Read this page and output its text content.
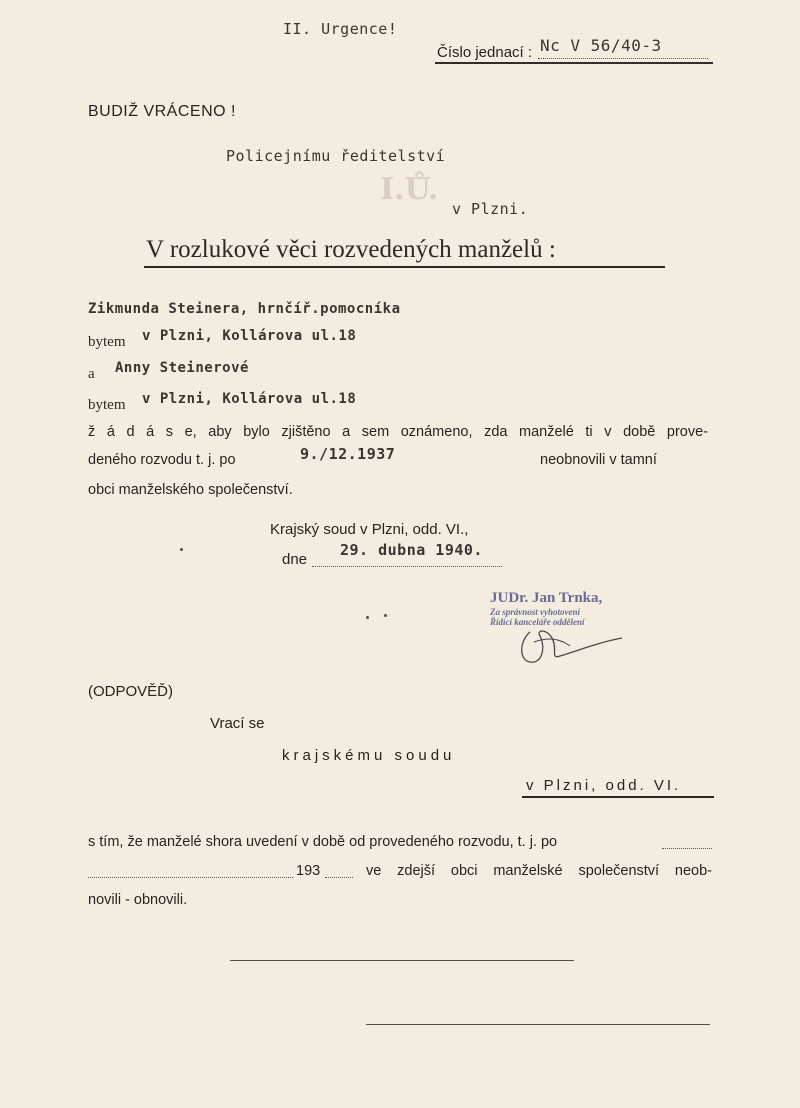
II. Urgence!
Číslo jednací : Nc V 56/40-3
BUDIŽ VRÁCENO !
Policejnímu ředitelství
I.Ů.
v Plzni.
V rozlukové věci rozvedených manželů :
Zikmunda Steinera, hrnčíř.pomocníka
bytem v Plzni, Kollárova ul.18
a Anny Steinerové
bytem v Plzni, Kollárova ul.18
ž á d á s e, aby bylo zjištěno a sem oznámeno, zda manželé ti v době prove-
deného rozvodu t. j. po	9./12.1937	neobnovili v tamní
obci manželského společenství.
Krajský soud v Plzni, odd. VI.,
dne
29. dubna 1940.
JUDr. Jan Trnka,
Za správnost vyhotovení
Řídící kanceláře oddělení
(ODPOVĚĎ)
Vrací se
krajskému soudu
v Plzni, odd. VI.
s tím, že manželé shora uvedení v době od provedeného rozvodu, t. j. po
193	ve zdejší obci manželské společenství neob-
novili - obnovili.
